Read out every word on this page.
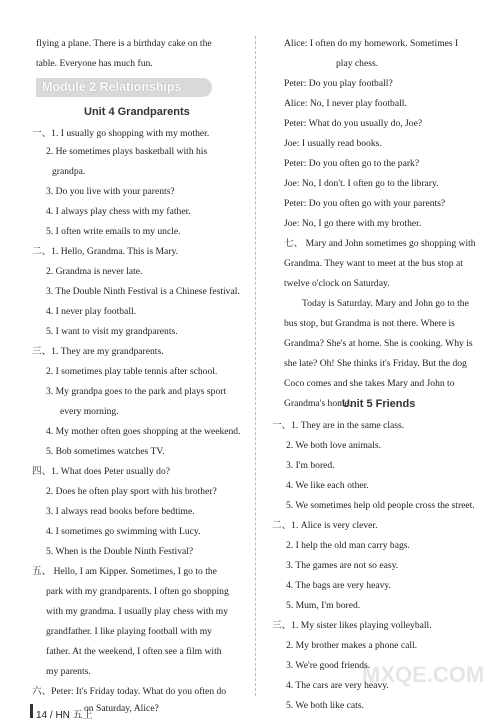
flying a plane. There is a birthday cake on the
table. Everyone has much fun.
Module 2 Relationships
Unit 4 Grandparents
一、1. I usually go shopping with my mother.
2. He sometimes plays basketball with his
grandpa.
3. Do you live with your parents?
4. I always play chess with my father.
5. I often write emails to my uncle.
二、1. Hello, Grandma. This is Mary.
2. Grandma is never late.
3. The Double Ninth Festival is a Chinese festival.
4. I never play football.
5. I want to visit my grandparents.
三、1. They are my grandparents.
2. I sometimes play table tennis after school.
3. My grandpa goes to the park and plays sport
every morning.
4. My mother often goes shopping at the weekend.
5. Bob sometimes watches TV.
四、1. What does Peter usually do?
2. Does he often play sport with his brother?
3. I always read books before bedtime.
4. I sometimes go swimming with Lucy.
5. When is the Double Ninth Festival?
五、 Hello, I am Kipper. Sometimes, I go to the
park with my grandparents. I often go shopping
with my grandma. I usually play chess with my
grandfather. I like playing football with my
father. At the weekend, I often see a film with
my parents.
六、Peter: It's Friday today. What do you often do
on Saturday, Alice?
Alice: I often do my homework. Sometimes I
play chess.
Peter: Do you play football?
Alice: No, I never play football.
Peter: What do you usually do, Joe?
Joe: I usually read books.
Peter: Do you often go to the park?
Joe: No, I don't. I often go to the library.
Peter: Do you often go with your parents?
Joe: No, I go there with my brother.
七、 Mary and John sometimes go shopping with
Grandma. They want to meet at the bus stop at
twelve o'clock on Saturday.
Today is Saturday. Mary and John go to the
bus stop, but Grandma is not there. Where is
Grandma? She's at home. She is cooking. Why is
she late? Oh! She thinks it's Friday. But the dog
Coco comes and she takes Mary and John to
Grandma's home.
Unit 5 Friends
一、1. They are in the same class.
2. We both love animals.
3. I'm bored.
4. We like each other.
5. We sometimes help old people cross the street.
二、1. Alice is very clever.
2. I help the old man carry bags.
3. The games are not so easy.
4. The bags are very heavy.
5. Mum, I'm bored.
三、1. My sister likes playing volleyball.
2. My brother makes a phone call.
3. We're good friends.
4. The cars are very heavy.
5. We both like cats.
14 / HN 五上
MXQE.COM
